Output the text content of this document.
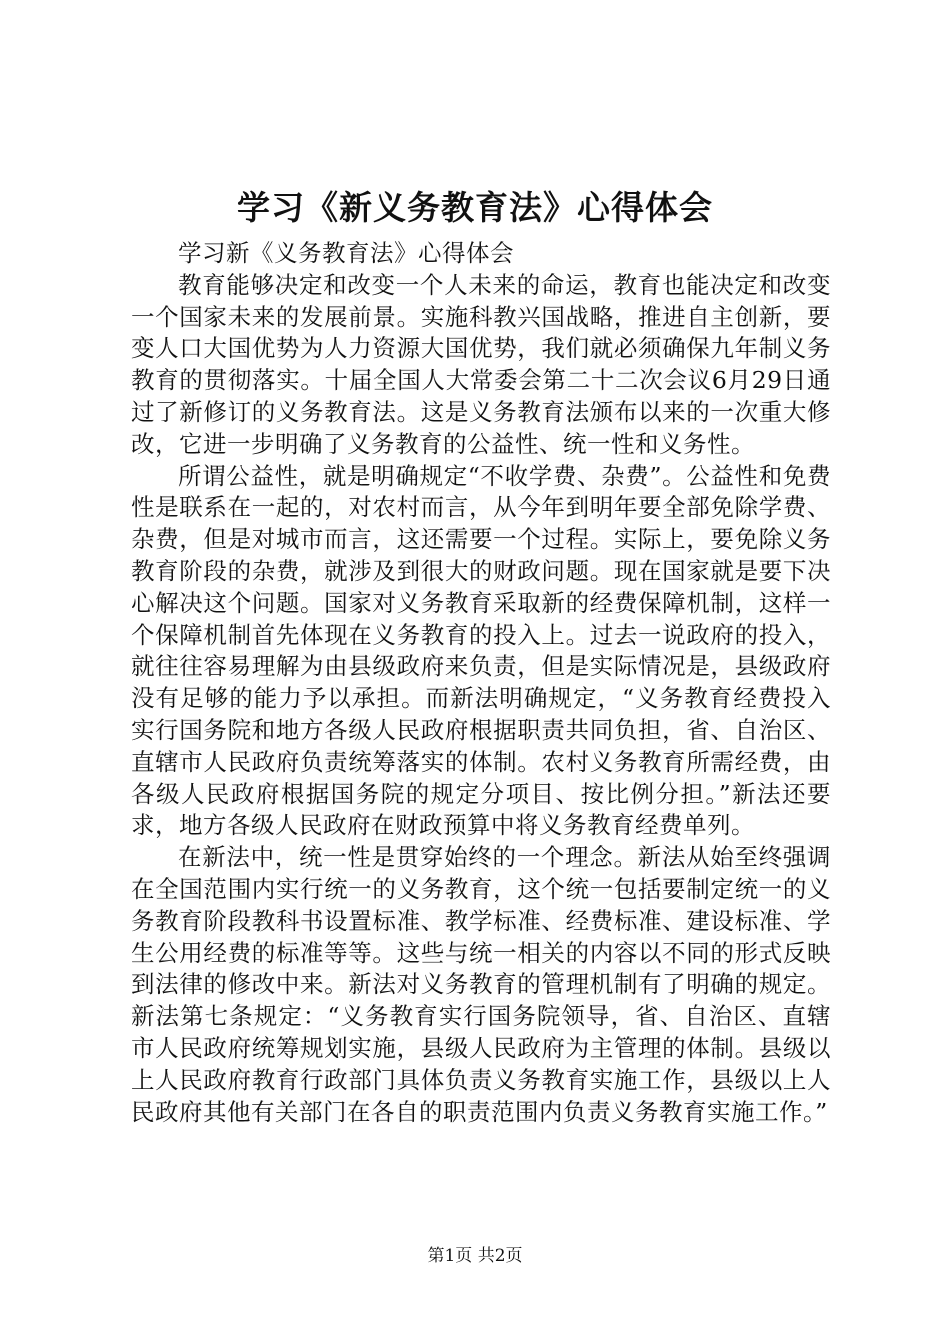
学习《新义务教育法》心得体会

学习新《义务教育法》心得体会

教育能够决定和改变一个人未来的命运，教育也能决定和改变一个国家未来的发展前景。实施科教兴国战略，推进自主创新，要变人口大国优势为人力资源大国优势，我们就必须确保九年制义务教育的贯彻落实。十届全国人大常委会第二十二次会议6月29日通过了新修订的义务教育法。这是义务教育法颁布以来的一次重大修改，它进一步明确了义务教育的公益性、统一性和义务性。

所谓公益性，就是明确规定“不收学费、杂费”。公益性和免费性是联系在一起的，对农村而言，从今年到明年要全部免除学费、杂费，但是对城市而言，这还需要一个过程。实际上，要免除义务教育阶段的杂费，就涉及到很大的财政问题。现在国家就是要下决心解决这个问题。国家对义务教育采取新的经费保障机制，这样一个保障机制首先体现在义务教育的投入上。过去一说政府的投入，就往往容易理解为由县级政府来负责，但是实际情况是，县级政府没有足够的能力予以承担。而新法明确规定，“义务教育经费投入实行国务院和地方各级人民政府根据职责共同负担，省、自治区、直辖市人民政府负责统筹落实的体制。农村义务教育所需经费，由各级人民政府根据国务院的规定分项目、按比例分担。”新法还要求，地方各级人民政府在财政预算中将义务教育经费单列。

在新法中，统一性是贯穿始终的一个理念。新法从始至终强调在全国范围内实行统一的义务教育，这个统一包括要制定统一的义务教育阶段教科书设置标准、教学标准、经费标准、建设标准、学生公用经费的标准等等。这些与统一相关的内容以不同的形式反映到法律的修改中来。新法对义务教育的管理机制有了明确的规定。新法第七条规定：“义务教育实行国务院领导，省、自治区、直辖市人民政府统筹规划实施，县级人民政府为主管理的体制。县级以上人民政府教育行政部门具体负责义务教育实施工作，县级以上人民政府其他有关部门在各自的职责范围内负责义务教育实施工作。”

第1页 共2页
